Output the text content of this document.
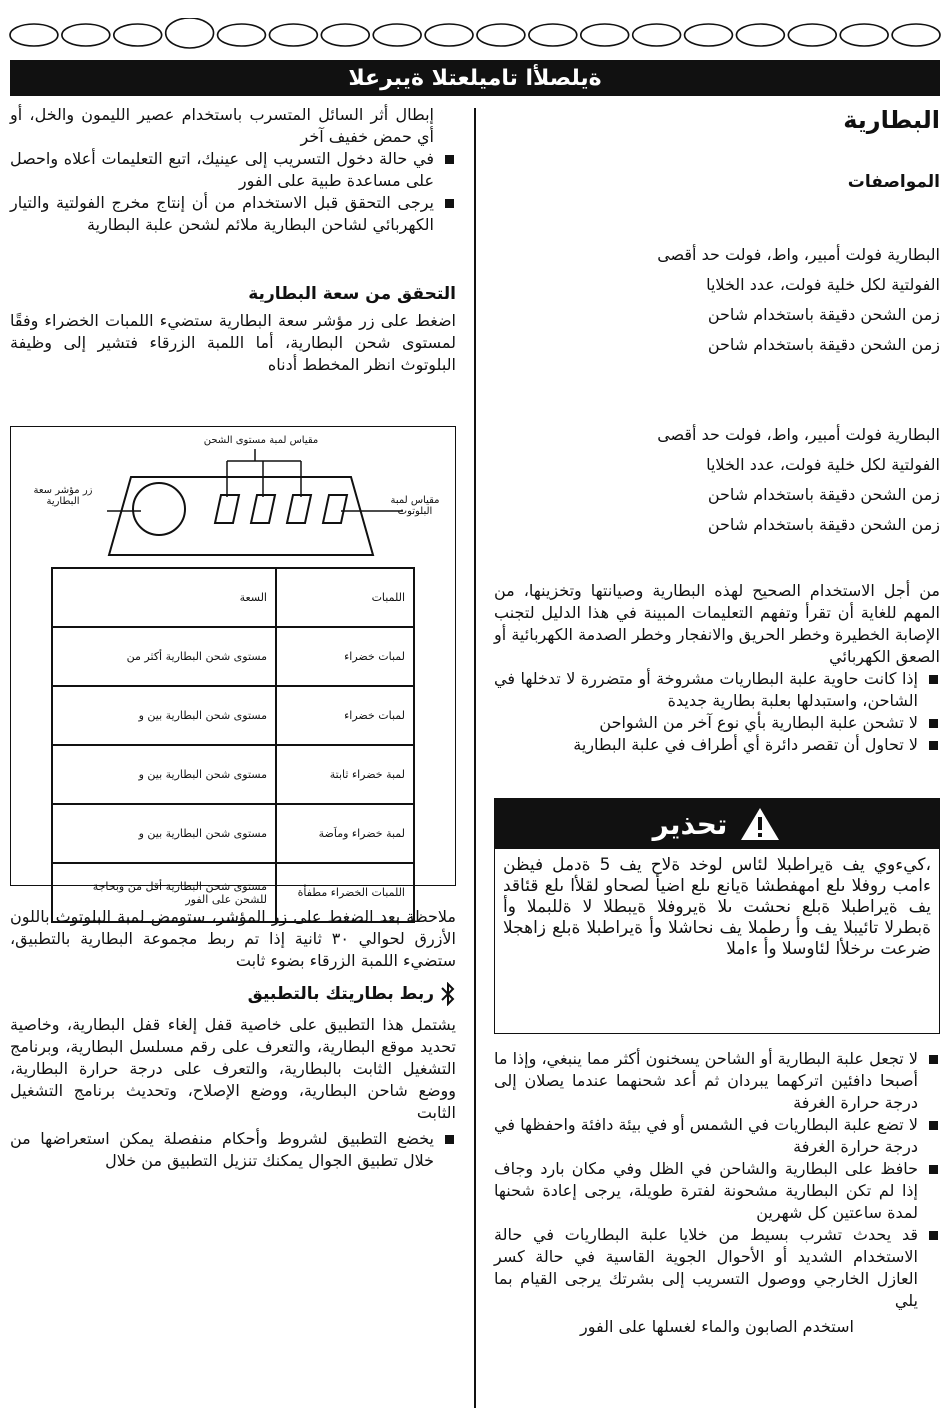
ةيلصلأا تاميلعتلا ةيبرعلا

البطارية

المواصفات

البطارية فولت أمبير، واط، فولت حد أقصى

الفولتية لكل خلية فولت، عدد الخلايا

زمن الشحن دقيقة باستخدام شاحن

زمن الشحن دقيقة باستخدام شاحن

البطارية فولت أمبير، واط، فولت حد أقصى

الفولتية لكل خلية فولت، عدد الخلايا

زمن الشحن دقيقة باستخدام شاحن

زمن الشحن دقيقة باستخدام شاحن

من أجل الاستخدام الصحيح لهذه البطارية وصيانتها وتخزينها، من المهم للغاية أن تقرأ وتفهم التعليمات المبينة في هذا الدليل لتجنب الإصابة الخطيرة وخطر الحريق والانفجار وخطر الصدمة الكهربائية أو الصعق الكهربائي

إذا كانت حاوية علبة البطاريات مشروخة أو متضررة لا تدخلها في الشاحن، واستبدلها بعلبة بطارية جديدة

لا تشحن علبة البطارية بأي نوع آخر من الشواحن

لا تحاول أن تقصر دائرة أي أطراف في علبة البطارية

تحذير
،كيءوي يف ةيراطبلا لئاس لوخد ةلاح يف 5 ةدمل فيظن ءامب روفلا ىلع امهفطشا ةيانع ىلع اضيأ لصحاو لقلأا ىلع قئاقد يف ةيراطبلا ةبلع نحشت ىلا ةيروفلا ةيبطلا لا ةللبملا وأ ةبطرلا تائيبلا يف وأ رطملا يف نحاشلا وأ ةيراطبلا ةبلع زاهجلا ضرعت ىرخلأا لئاوسلا وأ ءاملا

لا تجعل علبة البطارية أو الشاحن يسخنون أكثر مما ينبغي، وإذا ما أصبحا دافئين اتركهما يبردان ثم أعد شحنهما عندما يصلان إلى درجة حرارة الغرفة

لا تضع علبة البطاريات في الشمس أو في بيئة دافئة واحفظها في درجة حرارة الغرفة

حافظ على البطارية والشاحن في الظل وفي مكان بارد وجاف إذا لم تكن البطارية مشحونة لفترة طويلة، يرجى إعادة شحنها لمدة ساعتين كل شهرين

قد يحدث تشرب بسيط من خلايا علبة البطاريات في حالة الاستخدام الشديد أو الأحوال الجوية القاسية في حالة كسر العازل الخارجي ووصول التسريب إلى بشرتك يرجى القيام بما يلي

استخدم الصابون والماء لغسلها على الفور

إبطال أثر السائل المتسرب باستخدام عصير الليمون والخل، أو أي حمض خفيف آخر

في حالة دخول التسريب إلى عينيك، اتبع التعليمات أعلاه واحصل على مساعدة طبية على الفور

يرجى التحقق قبل الاستخدام من أن إنتاج مخرج الفولتية والتيار الكهربائي لشاحن البطارية ملائم لشحن علبة البطارية

التحقق من سعة البطارية

اضغط على زر مؤشر سعة البطارية ستضيء اللمبات الخضراء وفقًا لمستوى شحن البطارية، أما اللمبة الزرقاء فتشير إلى وظيفة البلوتوث انظر المخطط أدناه

مقياس لمبة مستوى الشحن
زر مؤشر سعة البطارية	مقياس لمبة البلوتوث
اللمبات	السعة
لمبات خضراء	مستوى شحن البطارية أكثر من
لمبات خضراء	مستوى شحن البطارية بين و
لمبة خضراء ثابتة	مستوى شحن البطارية بين و
لمبة خضراء وماَضة	مستوى شحن البطارية بين و
اللمبات الخضراء مطفأة	مستوى شحن البطارية أقل من وبحاجة للشحن على الفور

ملاحظة بعد الضغط على زر المؤشر، ستومض لمبة البلوتوث باللون الأزرق لحوالي ٣٠ ثانية إذا تم ربط مجموعة البطارية بالتطبيق، ستضيء اللمبة الزرقاء بضوء ثابت

ربط بطاريتك بالتطبيق

يشتمل هذا التطبيق على خاصية قفل إلغاء قفل البطارية، وخاصية تحديد موقع البطارية، والتعرف على رقم مسلسل البطارية، وبرنامج التشغيل الثابت بالبطارية، والتعرف على درجة حرارة البطارية، ووضع شاحن البطارية، ووضع الإصلاح، وتحديث برنامج التشغيل الثابت

يخضع التطبيق لشروط وأحكام منفصلة يمكن استعراضها من خلال تطبيق الجوال يمكنك تنزيل التطبيق من خلال
